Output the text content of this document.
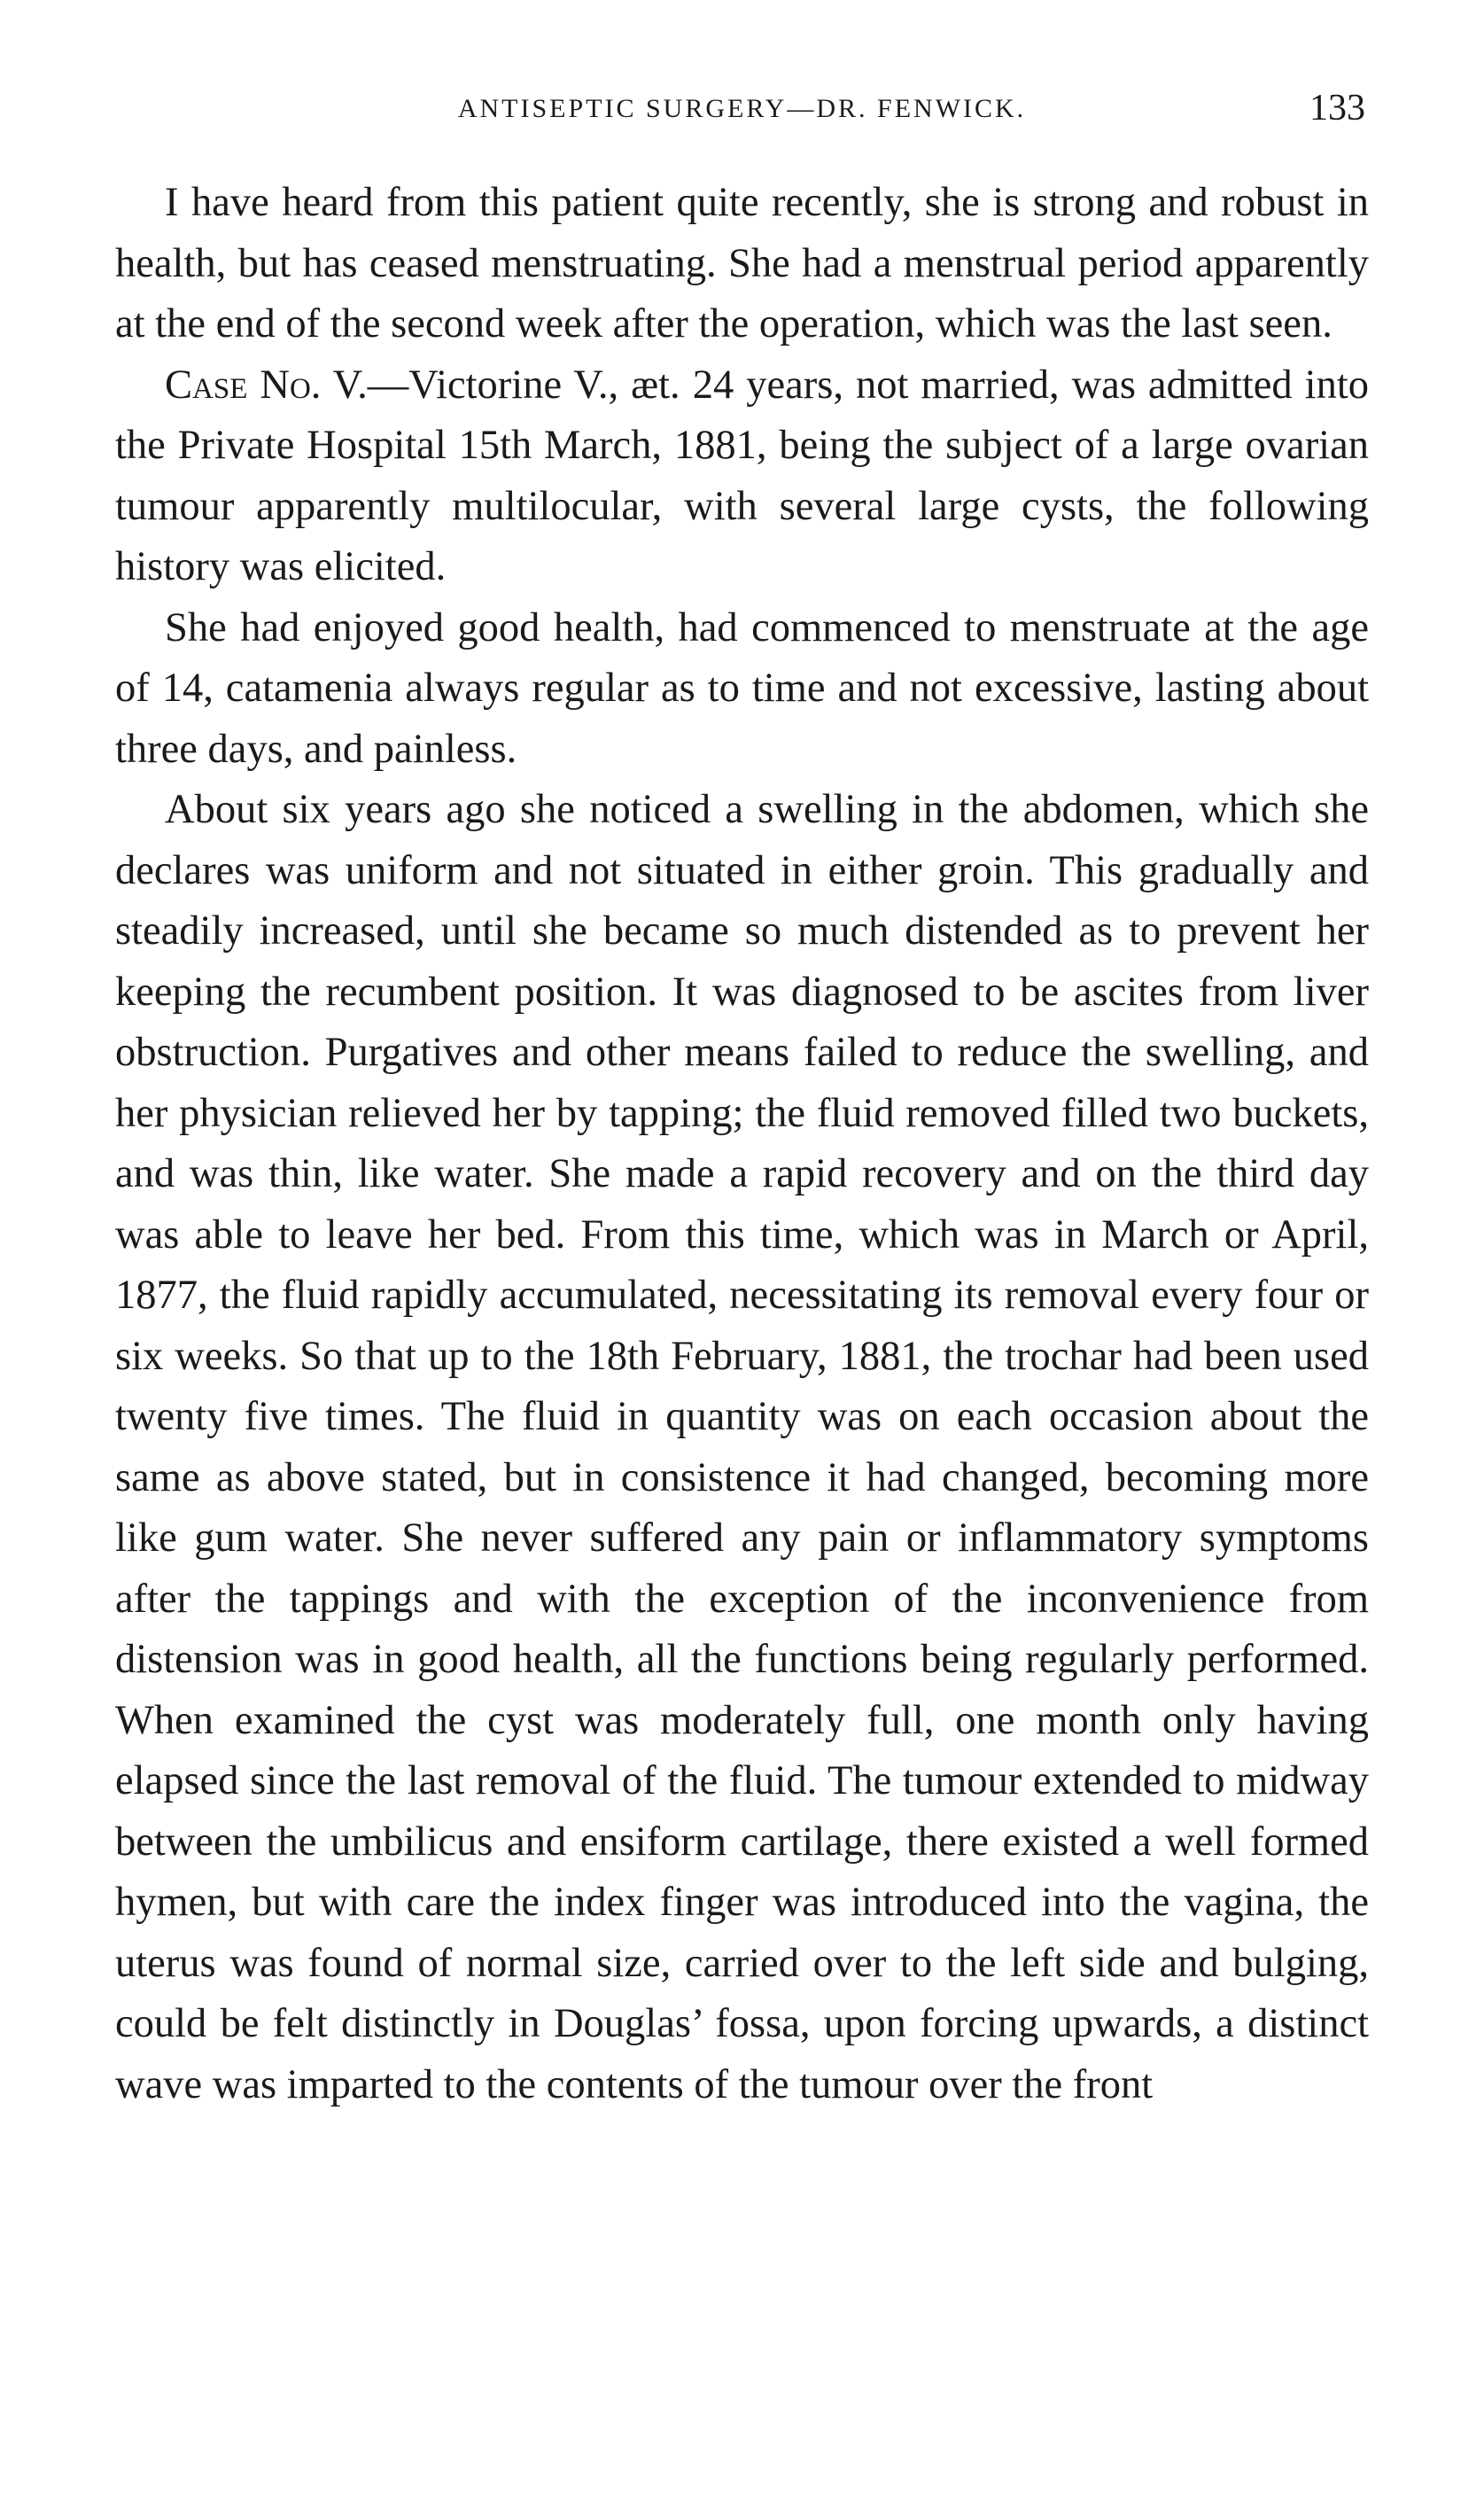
ANTISEPTIC SURGERY—DR. FENWICK.	133

I have heard from this patient quite recently, she is strong and robust in health, but has ceased menstruating. She had a menstrual period apparently at the end of the second week after the operation, which was the last seen.

Case No. V.—Victorine V., æt. 24 years, not married, was admitted into the Private Hospital 15th March, 1881, being the subject of a large ovarian tumour apparently multilocular, with several large cysts, the following history was elicited.

She had enjoyed good health, had commenced to menstruate at the age of 14, catamenia always regular as to time and not excessive, lasting about three days, and painless.

About six years ago she noticed a swelling in the abdomen, which she declares was uniform and not situated in either groin. This gradually and steadily increased, until she became so much distended as to prevent her keeping the recumbent position. It was diagnosed to be ascites from liver obstruction. Purgatives and other means failed to reduce the swelling, and her physician relieved her by tapping; the fluid removed filled two buckets, and was thin, like water. She made a rapid recovery and on the third day was able to leave her bed. From this time, which was in March or April, 1877, the fluid rapidly accumulated, necessitating its removal every four or six weeks. So that up to the 18th February, 1881, the trochar had been used twenty five times. The fluid in quantity was on each occasion about the same as above stated, but in consistence it had changed, becoming more like gum water. She never suffered any pain or inflammatory symptoms after the tappings and with the exception of the inconvenience from distension was in good health, all the functions being regularly performed. When examined the cyst was moderately full, one month only having elapsed since the last removal of the fluid. The tumour extended to midway between the umbilicus and ensiform cartilage, there existed a well formed hymen, but with care the index finger was introduced into the vagina, the uterus was found of normal size, carried over to the left side and bulging, could be felt distinctly in Douglas’ fossa, upon forcing upwards, a distinct wave was imparted to the contents of the tumour over the front
